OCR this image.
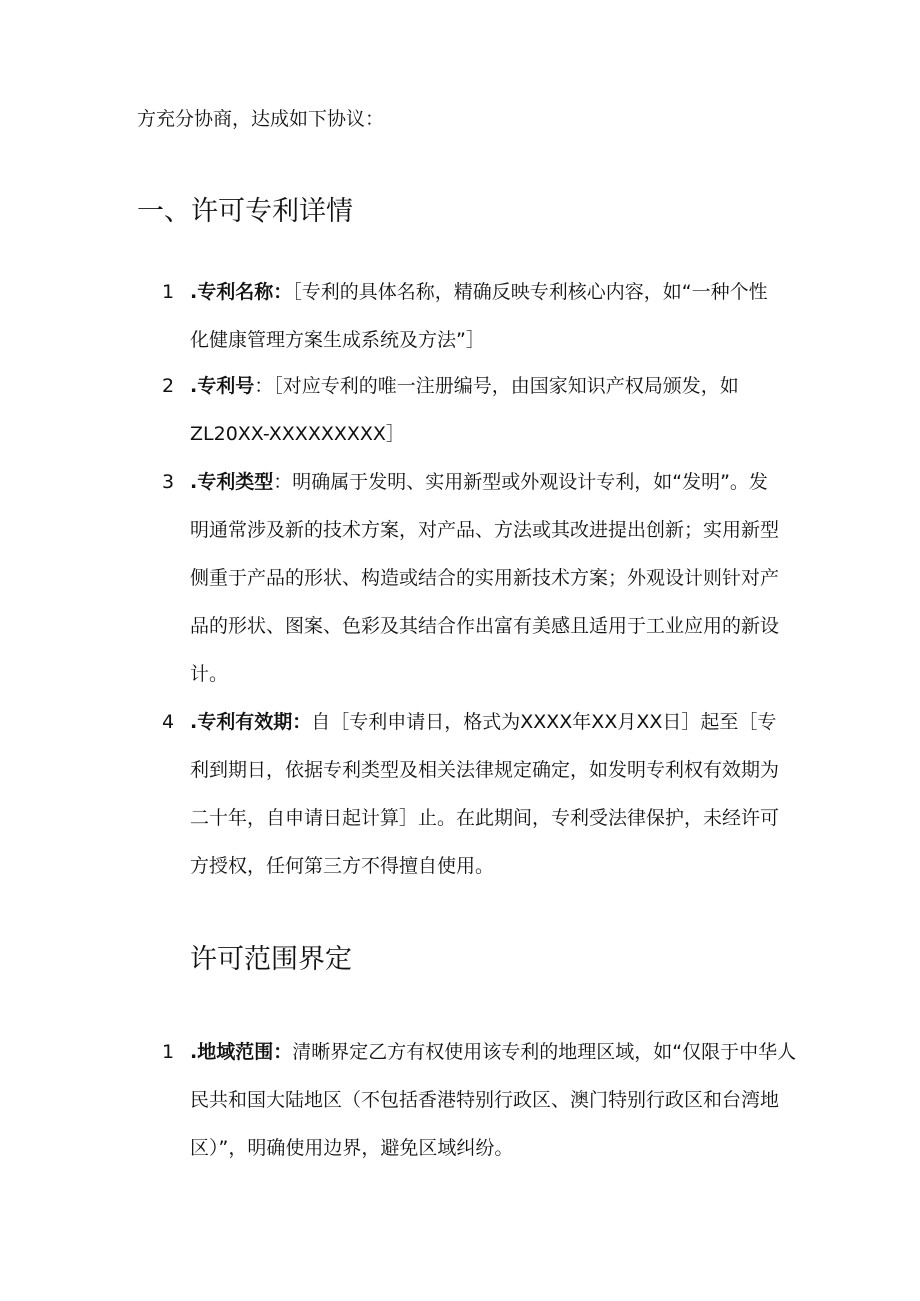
方充分协商，达成如下协议：
一、许可专利详情
1 .专利名称：［专利的具体名称，精确反映专利核心内容，如“一种个性
化健康管理方案生成系统及方法”］
2 .专利号：［对应专利的唯一注册编号，由国家知识产权局颁发，如
ZL20XX-XXXXXXXXX］
3 .专利类型：明确属于发明、实用新型或外观设计专利，如“发明”。发
明通常涉及新的技术方案，对产品、方法或其改进提出创新；实用新型
侧重于产品的形状、构造或结合的实用新技术方案；外观设计则针对产
品的形状、图案、色彩及其结合作出富有美感且适用于工业应用的新设
计。
4 .专利有效期：自［专利申请日，格式为XXXX年XX月XX日］起至［专
利到期日，依据专利类型及相关法律规定确定，如发明专利权有效期为
二十年，自申请日起计算］止。在此期间，专利受法律保护，未经许可
方授权，任何第三方不得擅自使用。
许可范围界定
1 .地域范围：清晰界定乙方有权使用该专利的地理区域，如“仅限于中华人
民共和国大陆地区（不包括香港特别行政区、澳门特别行政区和台湾地
区）”，明确使用边界，避免区域纠纷。
